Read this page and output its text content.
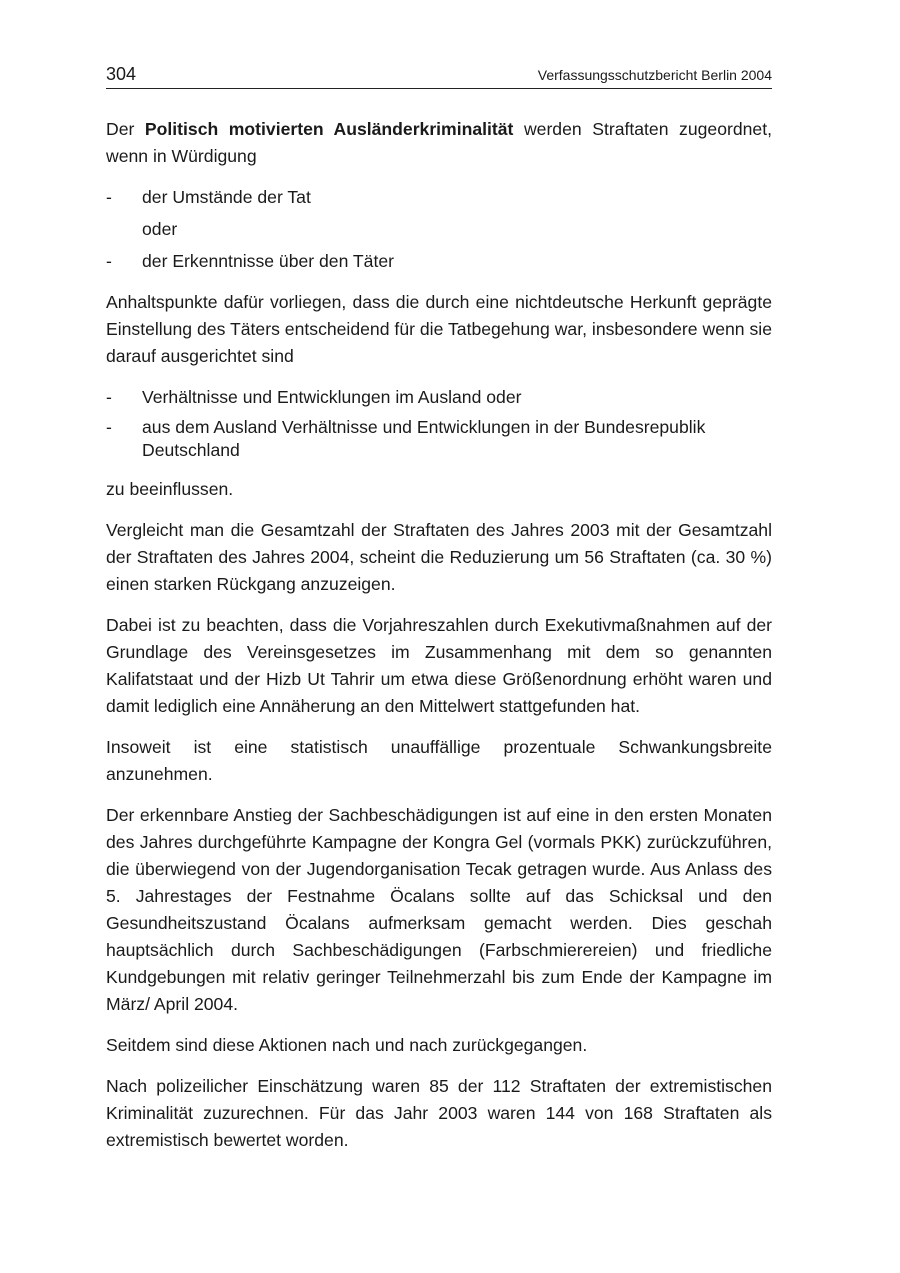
304	Verfassungsschutzbericht Berlin 2004

Der Politisch motivierten Ausländerkriminalität werden Straftaten zugeordnet, wenn in Würdigung

- der Umstände der Tat
oder
- der Erkenntnisse über den Täter

Anhaltspunkte dafür vorliegen, dass die durch eine nichtdeutsche Herkunft geprägte Einstellung des Täters entscheidend für die Tatbegehung war, insbesondere wenn sie darauf ausgerichtet sind

- Verhältnisse und Entwicklungen im Ausland oder
- aus dem Ausland Verhältnisse und Entwicklungen in der Bundesrepublik Deutschland

zu beeinflussen.

Vergleicht man die Gesamtzahl der Straftaten des Jahres 2003 mit der Gesamtzahl der Straftaten des Jahres 2004, scheint die Reduzierung um 56 Straftaten (ca. 30 %) einen starken Rückgang anzuzeigen.

Dabei ist zu beachten, dass die Vorjahreszahlen durch Exekutivmaßnahmen auf der Grundlage des Vereinsgesetzes im Zusammenhang mit dem so genannten Kalifatstaat und der Hizb Ut Tahrir um etwa diese Größenordnung erhöht waren und damit lediglich eine Annäherung an den Mittelwert stattgefunden hat.

Insoweit ist eine statistisch unauffällige prozentuale Schwankungsbreite anzunehmen.

Der erkennbare Anstieg der Sachbeschädigungen ist auf eine in den ersten Monaten des Jahres durchgeführte Kampagne der Kongra Gel (vormals PKK) zurückzuführen, die überwiegend von der Jugendorganisation Tecak getragen wurde. Aus Anlass des 5. Jahrestages der Festnahme Öcalans sollte auf das Schicksal und den Gesundheitszustand Öcalans aufmerksam gemacht werden. Dies geschah hauptsächlich durch Sachbeschädigungen (Farbschmierereien) und friedliche Kundgebungen mit relativ geringer Teilnehmerzahl bis zum Ende der Kampagne im März/ April 2004.

Seitdem sind diese Aktionen nach und nach zurückgegangen.

Nach polizeilicher Einschätzung waren 85 der 112 Straftaten der extremistischen Kriminalität zuzurechnen. Für das Jahr 2003 waren 144 von 168 Straftaten als extremistisch bewertet worden.
